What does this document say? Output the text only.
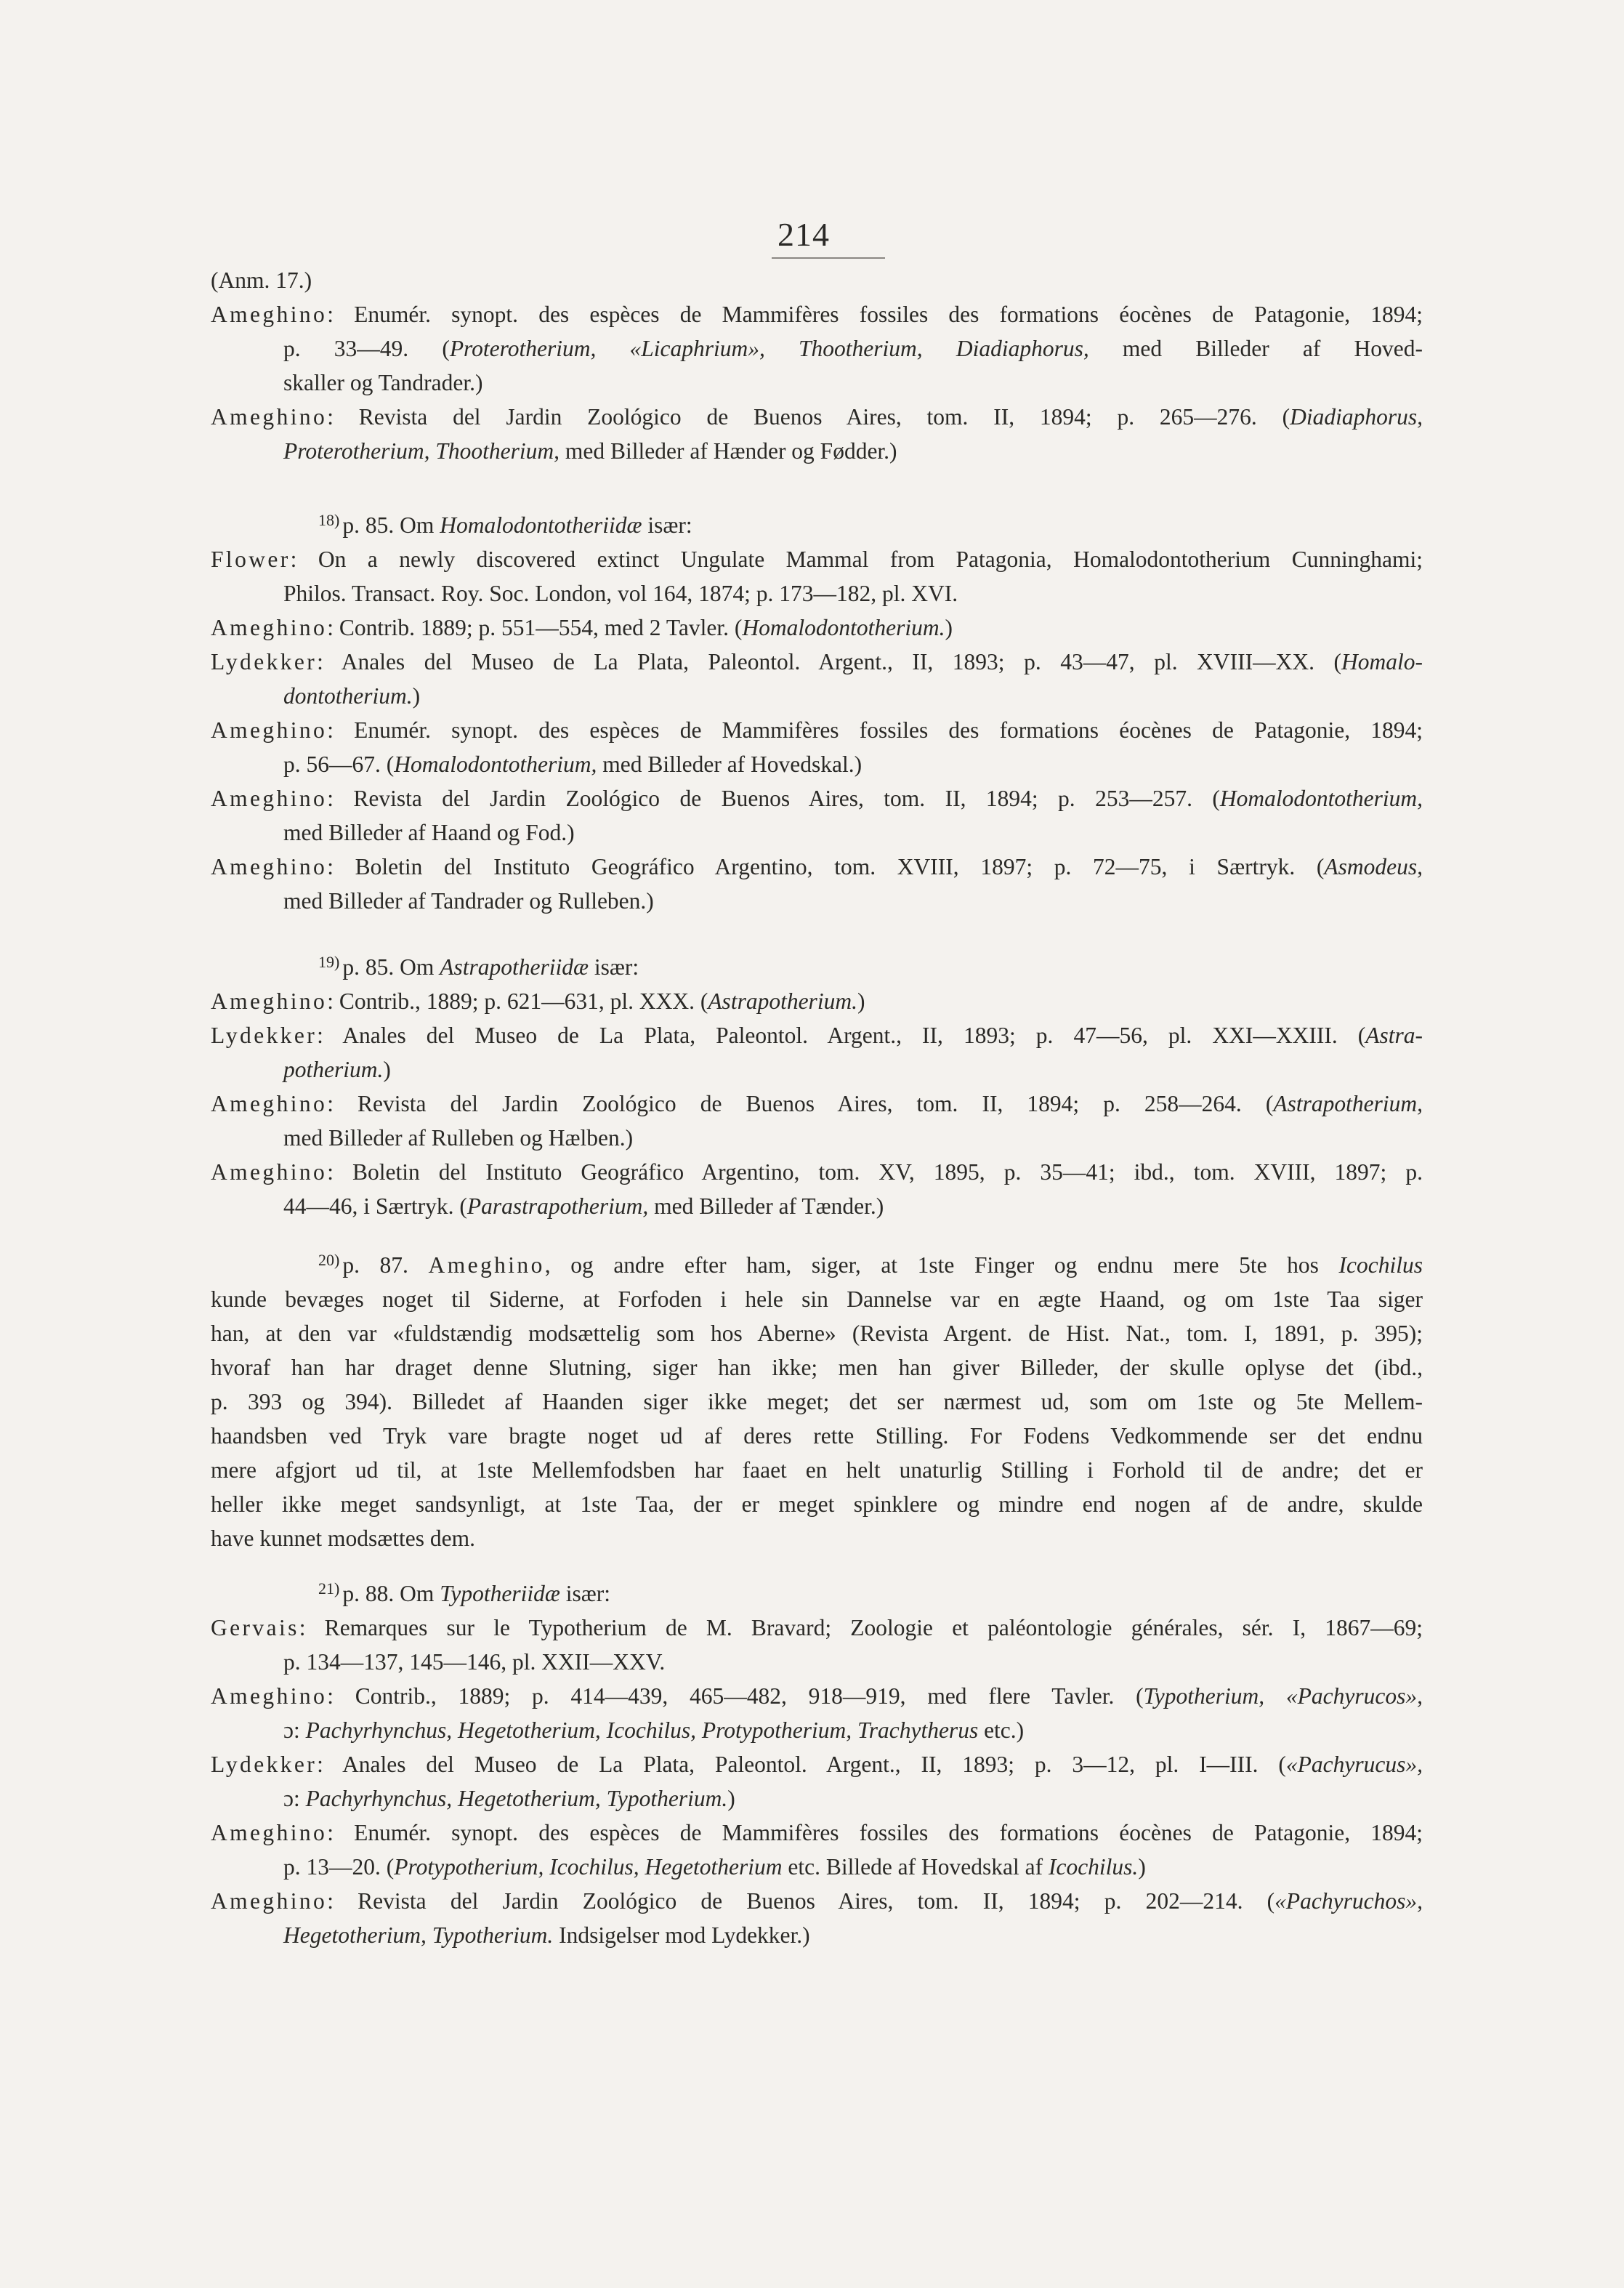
214
(Anm. 17.)
Ameghino: Enumér. synopt. des espèces de Mammifères fossiles des formations éocènes de Patagonie, 1894;
p. 33—49. (Proterotherium, «Licaphrium», Thootherium, Diadiaphorus, med Billeder af Hoved-
skaller og Tandrader.)
Ameghino: Revista del Jardin Zoológico de Buenos Aires, tom. II, 1894; p. 265—276. (Diadiaphorus,
Proterotherium, Thootherium, med Billeder af Hænder og Fødder.)
$^{18)}$ p. 85. Om Homalodontotheriidæ især:
Flower: On a newly discovered extinct Ungulate Mammal from Patagonia, Homalodontotherium Cunninghami;
Philos. Transact. Roy. Soc. London, vol 164, 1874; p. 173—182, pl. XVI.
Ameghino: Contrib. 1889; p. 551—554, med 2 Tavler. (Homalodontotherium.)
Lydekker: Anales del Museo de La Plata, Paleontol. Argent., II, 1893; p. 43—47, pl. XVIII—XX. (Homalo-
dontotherium.)
Ameghino: Enumér. synopt. des espèces de Mammifères fossiles des formations éocènes de Patagonie, 1894;
p. 56—67. (Homalodontotherium, med Billeder af Hovedskal.)
Ameghino: Revista del Jardin Zoológico de Buenos Aires, tom. II, 1894; p. 253—257. (Homalodontotherium,
med Billeder af Haand og Fod.)
Ameghino: Boletin del Instituto Geográfico Argentino, tom. XVIII, 1897; p. 72—75, i Særtryk. (Asmodeus,
med Billeder af Tandrader og Rulleben.)
$^{19)}$ p. 85. Om Astrapotheriidæ især:
Ameghino: Contrib., 1889; p. 621—631, pl. XXX. (Astrapotherium.)
Lydekker: Anales del Museo de La Plata, Paleontol. Argent., II, 1893; p. 47—56, pl. XXI—XXIII. (Astra-
potherium.)
Ameghino: Revista del Jardin Zoológico de Buenos Aires, tom. II, 1894; p. 258—264. (Astrapotherium,
med Billeder af Rulleben og Hælben.)
Ameghino: Boletin del Instituto Geográfico Argentino, tom. XV, 1895, p. 35—41; ibd., tom. XVIII, 1897; p.
44—46, i Særtryk. (Parastrapotherium, med Billeder af Tænder.)
$^{20)}$ p. 87. Ameghino, og andre efter ham, siger, at 1ste Finger og endnu mere 5te hos Icochilus
kunde bevæges noget til Siderne, at Forfoden i hele sin Dannelse var en ægte Haand, og om 1ste Taa siger
han, at den var «fuldstændig modsættelig som hos Aberne» (Revista Argent. de Hist. Nat., tom. I, 1891, p. 395);
hvoraf han har draget denne Slutning, siger han ikke; men han giver Billeder, der skulle oplyse det (ibd.,
p. 393 og 394). Billedet af Haanden siger ikke meget; det ser nærmest ud, som om 1ste og 5te Mellem-
haandsben ved Tryk vare bragte noget ud af deres rette Stilling. For Fodens Vedkommende ser det endnu
mere afgjort ud til, at 1ste Mellemfodsben har faaet en helt unaturlig Stilling i Forhold til de andre; det er
heller ikke meget sandsynligt, at 1ste Taa, der er meget spinklere og mindre end nogen af de andre, skulde
have kunnet modsættes dem.
$^{21)}$ p. 88. Om Typotheriidæ især:
Gervais: Remarques sur le Typotherium de M. Bravard; Zoologie et paléontologie générales, sér. I, 1867—69;
p. 134—137, 145—146, pl. XXII—XXV.
Ameghino: Contrib., 1889; p. 414—439, 465—482, 918—919, med flere Tavler. (Typotherium, «Pachyrucos»,
ɔ: Pachyrhynchus, Hegetotherium, Icochilus, Protypotherium, Trachytherus etc.)
Lydekker: Anales del Museo de La Plata, Paleontol. Argent., II, 1893; p. 3—12, pl. I—III. («Pachyrucus»,
ɔ: Pachyrhynchus, Hegetotherium, Typotherium.)
Ameghino: Enumér. synopt. des espèces de Mammifères fossiles des formations éocènes de Patagonie, 1894;
p. 13—20. (Protypotherium, Icochilus, Hegetotherium etc. Billede af Hovedskal af Icochilus.)
Ameghino: Revista del Jardin Zoológico de Buenos Aires, tom. II, 1894; p. 202—214. («Pachyruchos»,
Hegetotherium, Typotherium. Indsigelser mod Lydekker.)
